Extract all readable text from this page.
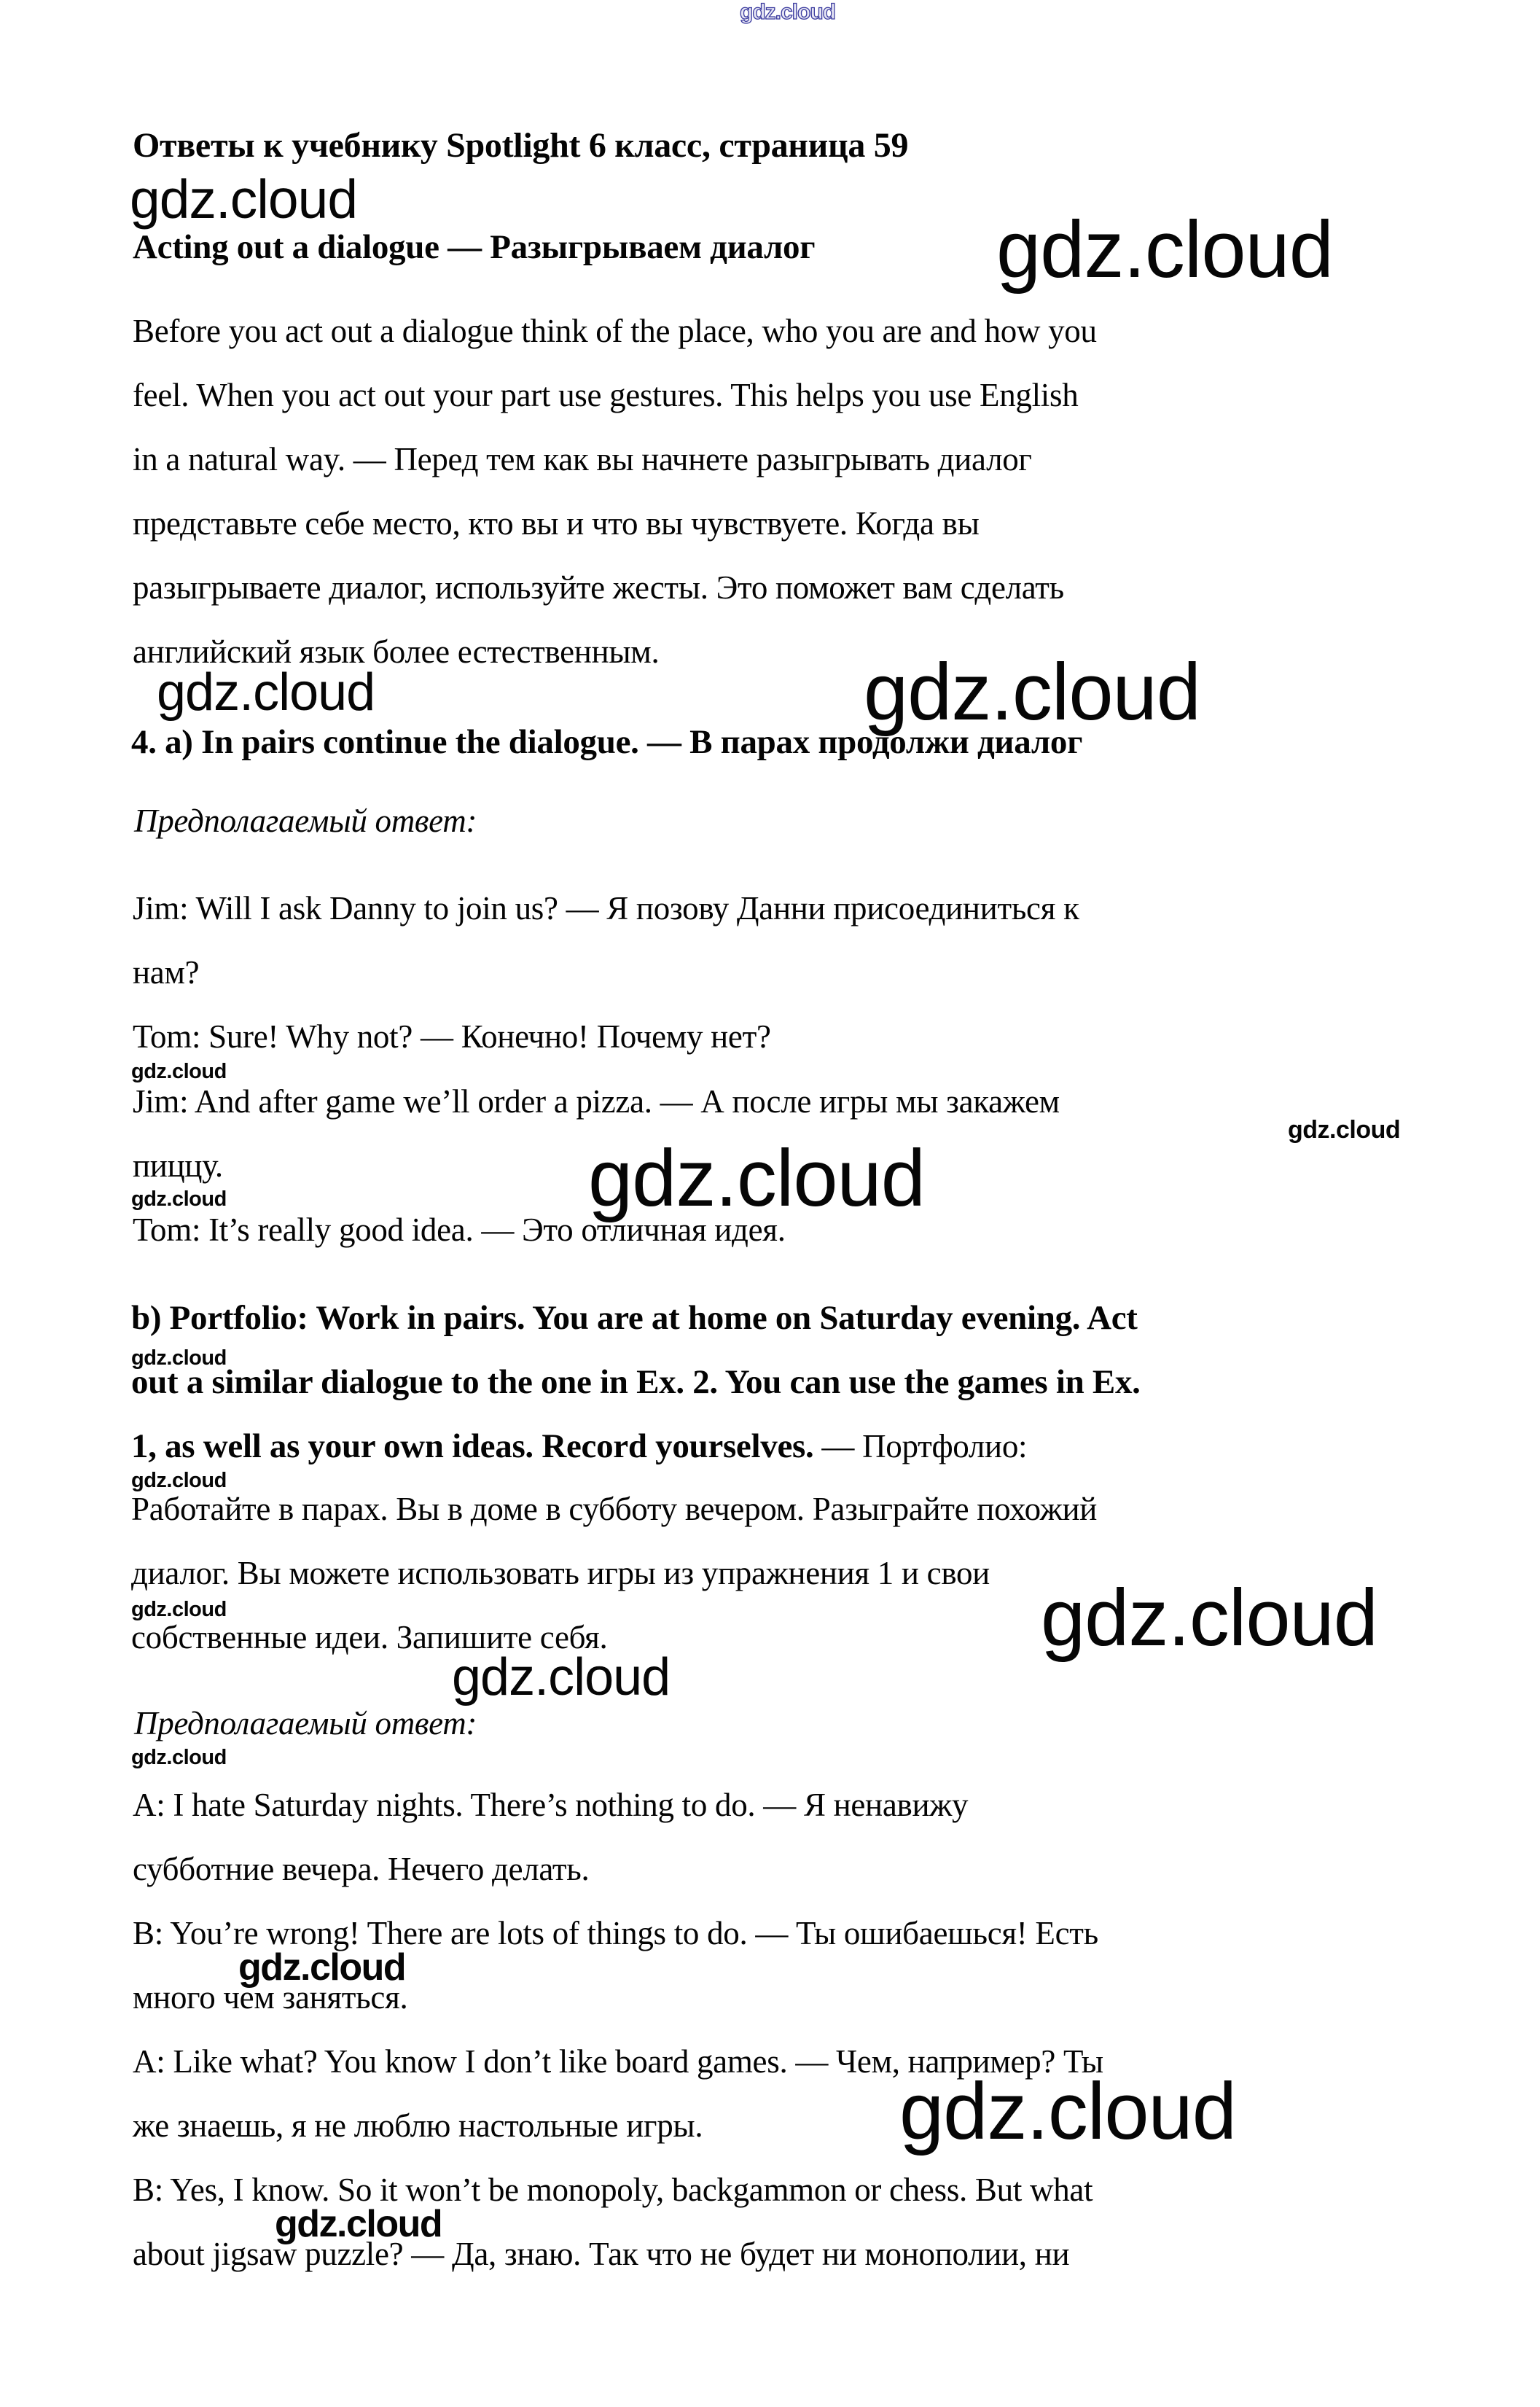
gdz.cloud
Ответы к учебнику Spotlight 6 класс, страница 59
gdz.cloud
Acting out a dialogue — Разыгрываем диалог gdz.cloud
Before you act out a dialogue think of the place, who you are and how you
feel. When you act out your part use gestures. This helps you use English
in a natural way. — Перед тем как вы начнете разыгрывать диалог
представьте себе место, кто вы и что вы чувствуете. Когда вы
разыгрываете диалог, используйте жесты. Это поможет вам сделать
английский язык более естественным.
gdz.cloud	gdz.cloud
4. a) In pairs continue the dialogue. — В парах продолжи диалог
Предполагаемый ответ:
Jim: Will I ask Danny to join us? — Я позову Данни присоединиться к
нам?
Tom: Sure! Why not? — Конечно! Почему нет?
gdz.cloud
Jim: And after game we’ll order a pizza. — А после игры мы закажем
gdz.cloud
пиццу.	gdz.cloud
gdz.cloud
Tom: It’s really good idea. — Это отличная идея.
b) Portfolio: Work in pairs. You are at home on Saturday evening. Act
gdz.cloud
out a similar dialogue to the one in Ex. 2. You can use the games in Ex.
1, as well as your own ideas. Record yourselves. — Портфолио:
gdz.cloud
Работайте в парах. Вы в доме в субботу вечером. Разыграйте похожий
диалог. Вы можете использовать игры из упражнения 1 и свои
gdz.cloud	gdz.cloud
собственные идеи. Запишите себя.
gdz.cloud
Предполагаемый ответ:
gdz.cloud
A: I hate Saturday nights. There’s nothing to do. — Я ненавижу
субботние вечера. Нечего делать.
B: You’re wrong! There are lots of things to do. — Ты ошибаешься! Есть
gdz.cloud
много чем заняться.
A: Like what? You know I don’t like board games. — Чем, например? Ты
же знаешь, я не люблю настольные игры. gdz.cloud
B: Yes, I know. So it won’t be monopoly, backgammon or chess. But what
gdz.cloud
about jigsaw puzzle? — Да, знаю. Так что не будет ни монополии, ни
